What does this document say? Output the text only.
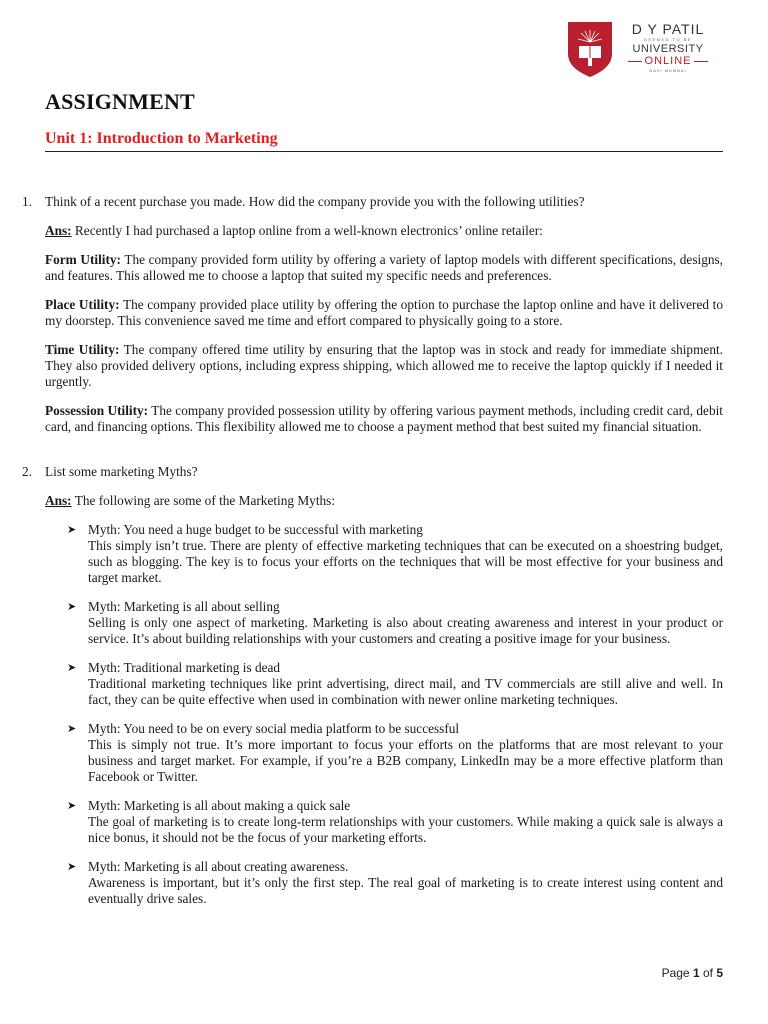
D Y PATIL
DEEMED TO BE
UNIVERSITY
ONLINE
NAVI MUMBAI
ASSIGNMENT
Unit 1: Introduction to Marketing
1. Think of a recent purchase you made. How did the company provide you with the following utilities?

Ans: Recently I had purchased a laptop online from a well-known electronics’ online retailer:

Form Utility: The company provided form utility by offering a variety of laptop models with different specifications, designs, and features. This allowed me to choose a laptop that suited my specific needs and preferences.

Place Utility: The company provided place utility by offering the option to purchase the laptop online and have it delivered to my doorstep. This convenience saved me time and effort compared to physically going to a store.

Time Utility: The company offered time utility by ensuring that the laptop was in stock and ready for immediate shipment. They also provided delivery options, including express shipping, which allowed me to receive the laptop quickly if I needed it urgently.

Possession Utility: The company provided possession utility by offering various payment methods, including credit card, debit card, and financing options. This flexibility allowed me to choose a payment method that best suited my financial situation.

2. List some marketing Myths?

Ans: The following are some of the Marketing Myths:

➤ Myth: You need a huge budget to be successful with marketing
This simply isn’t true. There are plenty of effective marketing techniques that can be executed on a shoestring budget, such as blogging. The key is to focus your efforts on the techniques that will be most effective for your business and target market.
➤ Myth: Marketing is all about selling
Selling is only one aspect of marketing. Marketing is also about creating awareness and interest in your product or service. It’s about building relationships with your customers and creating a positive image for your business.
➤ Myth: Traditional marketing is dead
Traditional marketing techniques like print advertising, direct mail, and TV commercials are still alive and well. In fact, they can be quite effective when used in combination with newer online marketing techniques.
➤ Myth: You need to be on every social media platform to be successful
This is simply not true. It’s more important to focus your efforts on the platforms that are most relevant to your business and target market. For example, if you’re a B2B company, LinkedIn may be a more effective platform than Facebook or Twitter.
➤ Myth: Marketing is all about making a quick sale
The goal of marketing is to create long-term relationships with your customers. While making a quick sale is always a nice bonus, it should not be the focus of your marketing efforts.
➤ Myth: Marketing is all about creating awareness.
Awareness is important, but it’s only the first step. The real goal of marketing is to create interest using content and eventually drive sales.
Page 1 of 5
